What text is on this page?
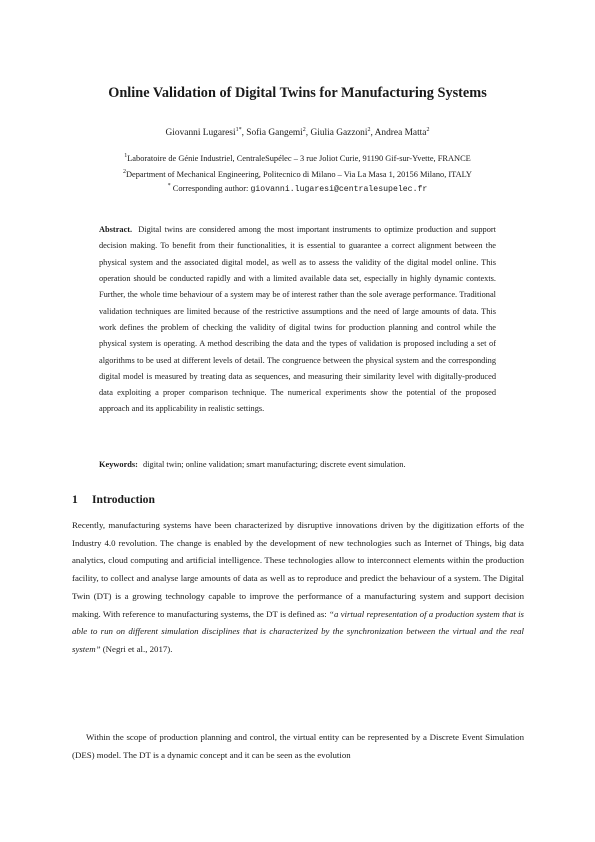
Online Validation of Digital Twins for Manufacturing Systems

Giovanni Lugaresi$^{1*}$, Sofia Gangemi$^2$, Giulia Gazzoni$^2$, Andrea Matta$^2$

$^1$Laboratoire de Génie Industriel, CentraleSupélec – 3 rue Joliot Curie, 91190 Gif-sur-Yvette, FRANCE

$^2$Department of Mechanical Engineering, Politecnico di Milano – Via La Masa 1, 20156 Milano, ITALY

* Corresponding author: giovanni.lugaresi@centralesupelec.fr

Abstract. Digital twins are considered among the most important instruments to optimize production and support decision making. To benefit from their functionalities, it is essential to guarantee a correct alignment between the physical system and the associated digital model, as well as to assess the validity of the digital model online. This operation should be conducted rapidly and with a limited available data set, especially in highly dynamic contexts. Further, the whole time behaviour of a system may be of interest rather than the sole average performance. Traditional validation techniques are limited because of the restrictive assumptions and the need of large amounts of data. This work defines the problem of checking the validity of digital twins for production planning and control while the physical system is operating. A method describing the data and the types of validation is proposed including a set of algorithms to be used at different levels of detail. The congruence between the physical system and the corresponding digital model is measured by treating data as sequences, and measuring their similarity level with digitally-produced data exploiting a proper comparison technique. The numerical experiments show the potential of the proposed approach and its applicability in realistic settings.

Keywords: digital twin; online validation; smart manufacturing; discrete event simulation.

1 Introduction

Recently, manufacturing systems have been characterized by disruptive innovations driven by the digitization efforts of the Industry 4.0 revolution. The change is enabled by the development of new technologies such as Internet of Things, big data analytics, cloud computing and artificial intelligence. These technologies allow to interconnect elements within the production facility, to collect and analyse large amounts of data as well as to reproduce and predict the behaviour of a system. The Digital Twin (DT) is a growing technology capable to improve the performance of a manufacturing system and support decision making. With reference to manufacturing systems, the DT is defined as: “a virtual representation of a production system that is able to run on different simulation disciplines that is characterized by the synchronization between the virtual and the real system” (Negri et al., 2017).

Within the scope of production planning and control, the virtual entity can be represented by a Discrete Event Simulation (DES) model. The DT is a dynamic concept and it can be seen as the evolution
